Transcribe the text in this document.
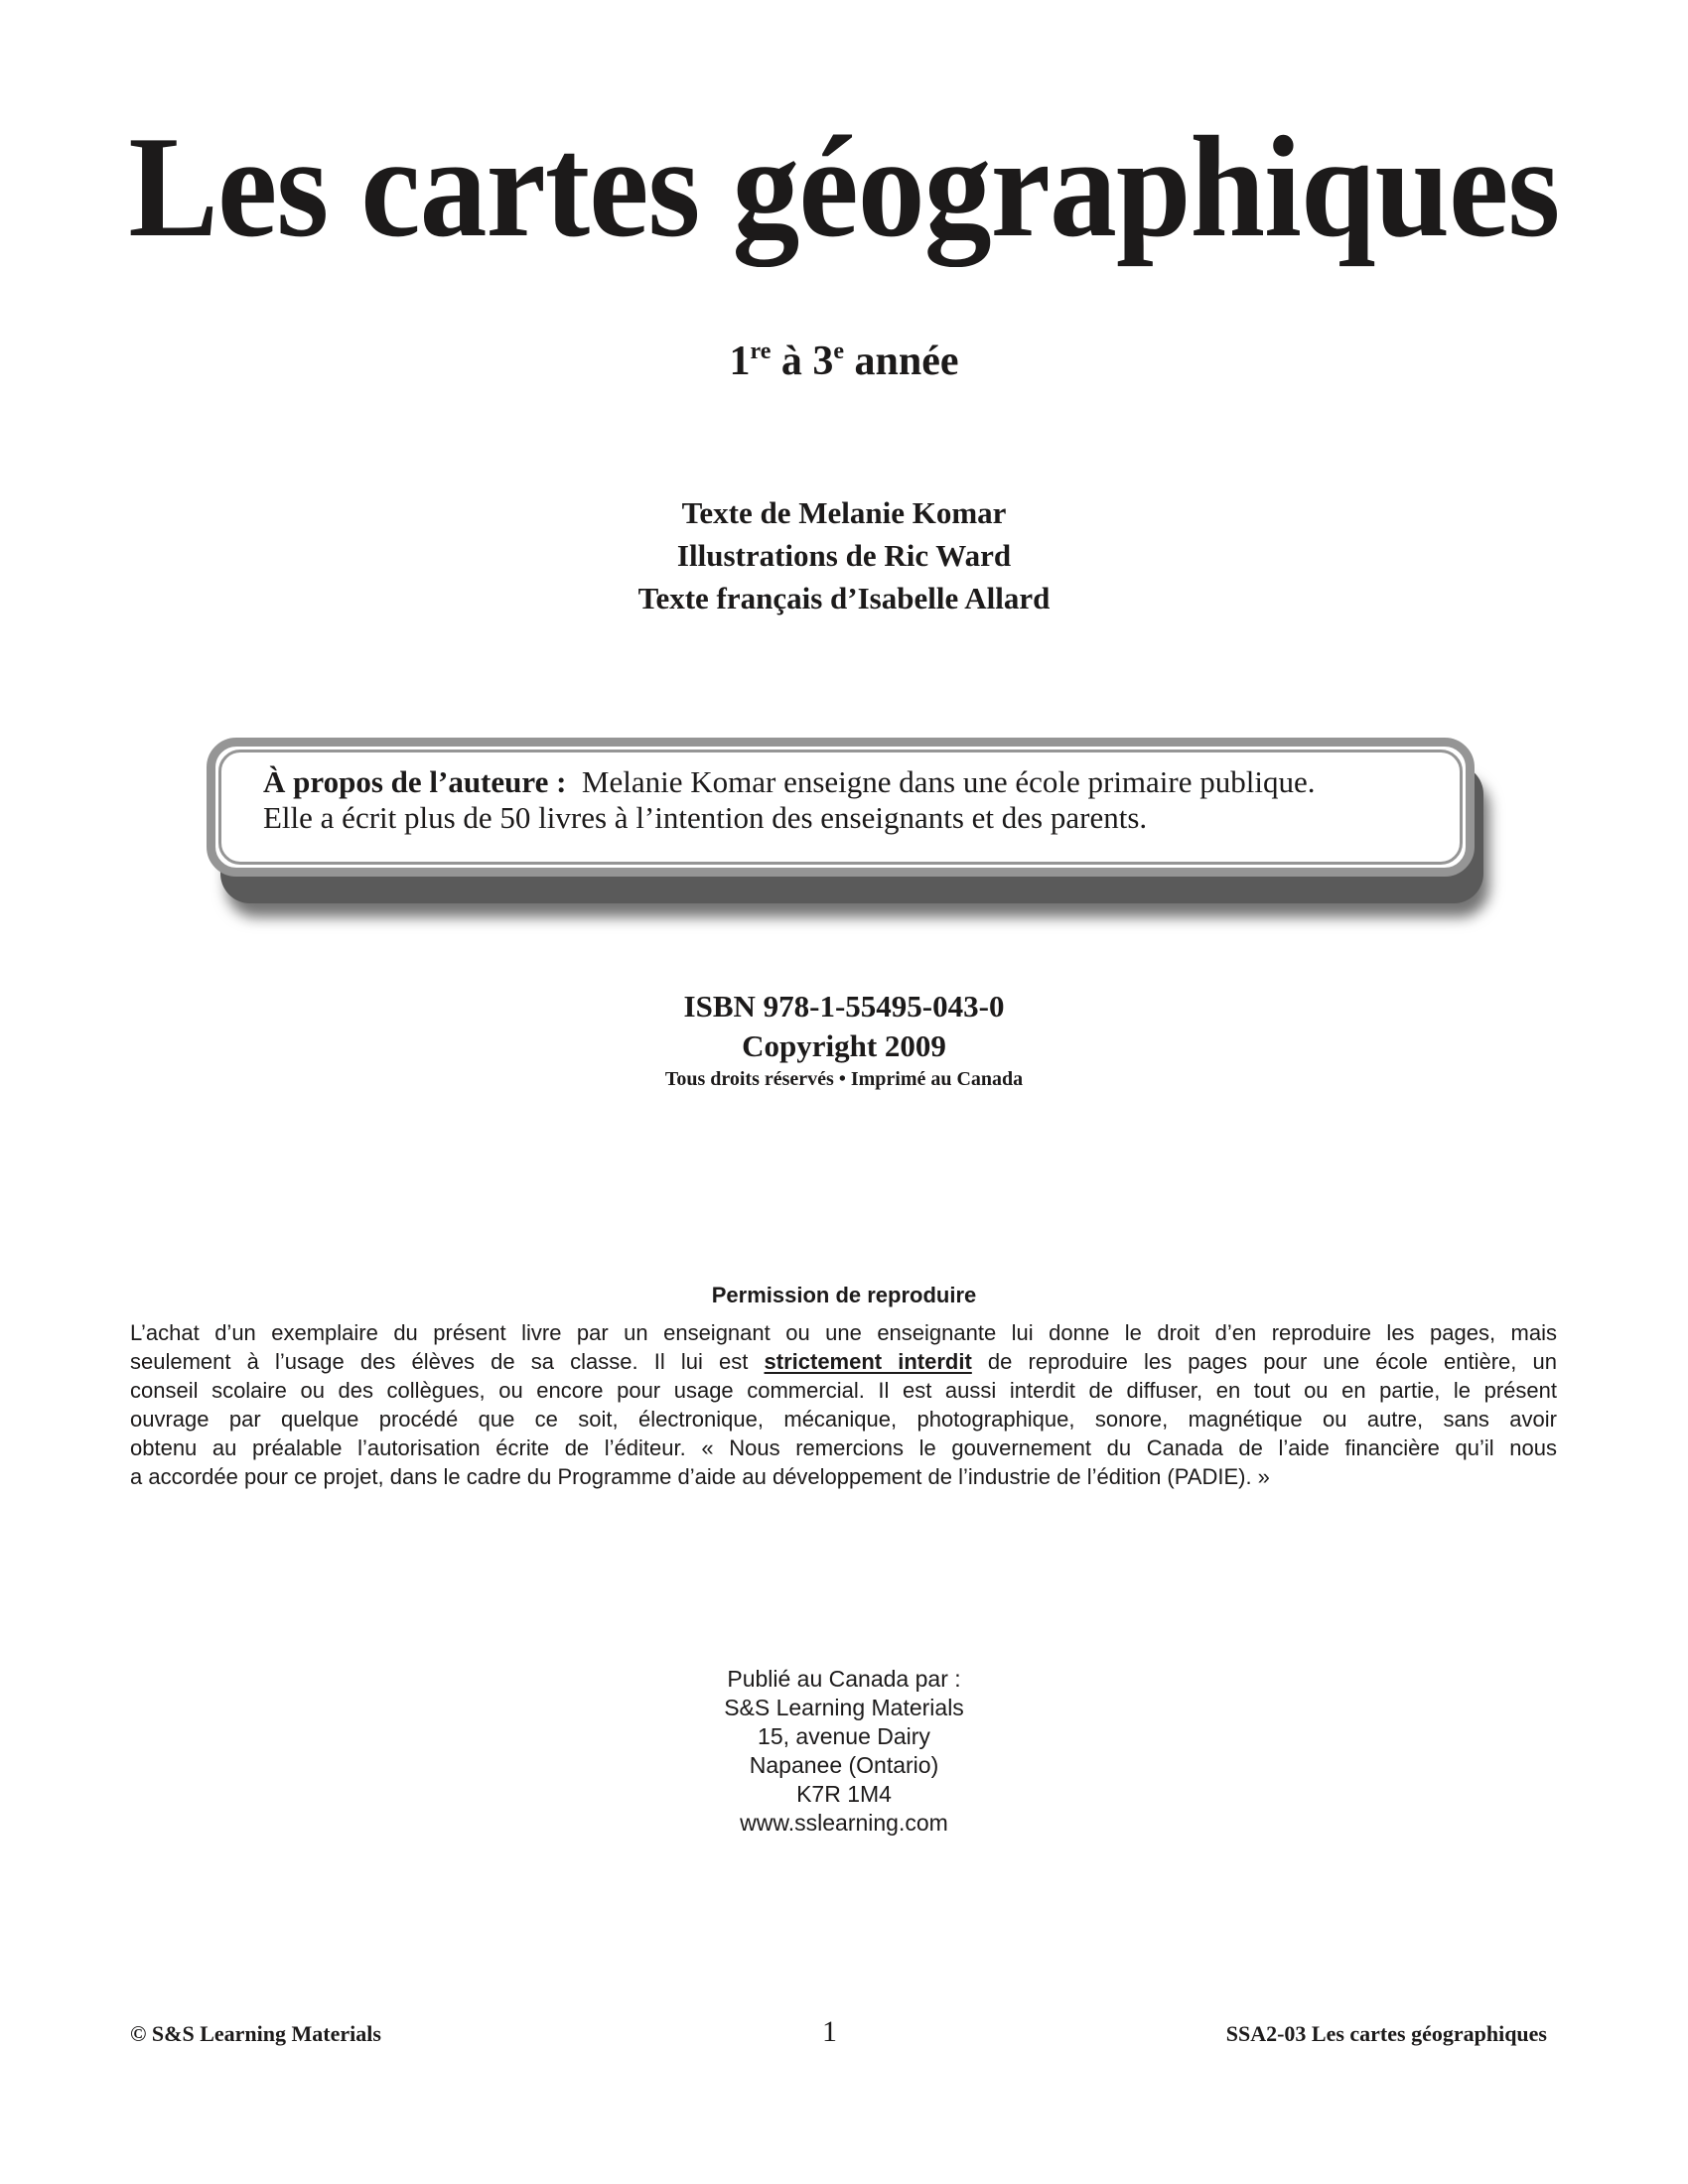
Les cartes géographiques
1re à 3e année
Texte de Melanie Komar
Illustrations de Ric Ward
Texte français d’Isabelle Allard
À propos de l’auteure : Melanie Komar enseigne dans une école primaire publique.
Elle a écrit plus de 50 livres à l’intention des enseignants et des parents.
ISBN 978-1-55495-043-0
Copyright 2009
Tous droits réservés • Imprimé au Canada
Permission de reproduire
L’achat d’un exemplaire du présent livre par un enseignant ou une enseignante lui donne le droit d’en reproduire les pages, mais
seulement à l’usage des élèves de sa classe. Il lui est strictement interdit de reproduire les pages pour une école entière, un
conseil scolaire ou des collègues, ou encore pour usage commercial. Il est aussi interdit de diffuser, en tout ou en partie, le présent
ouvrage par quelque procédé que ce soit, électronique, mécanique, photographique, sonore, magnétique ou autre, sans avoir
obtenu au préalable l’autorisation écrite de l’éditeur. « Nous remercions le gouvernement du Canada de l’aide financière qu’il nous
a accordée pour ce projet, dans le cadre du Programme d’aide au développement de l’industrie de l’édition (PADIE). »
Publié au Canada par :
S&S Learning Materials
15, avenue Dairy
Napanee (Ontario)
K7R 1M4
www.sslearning.com
© S&S Learning Materials	1	SSA2-03 Les cartes géographiques
